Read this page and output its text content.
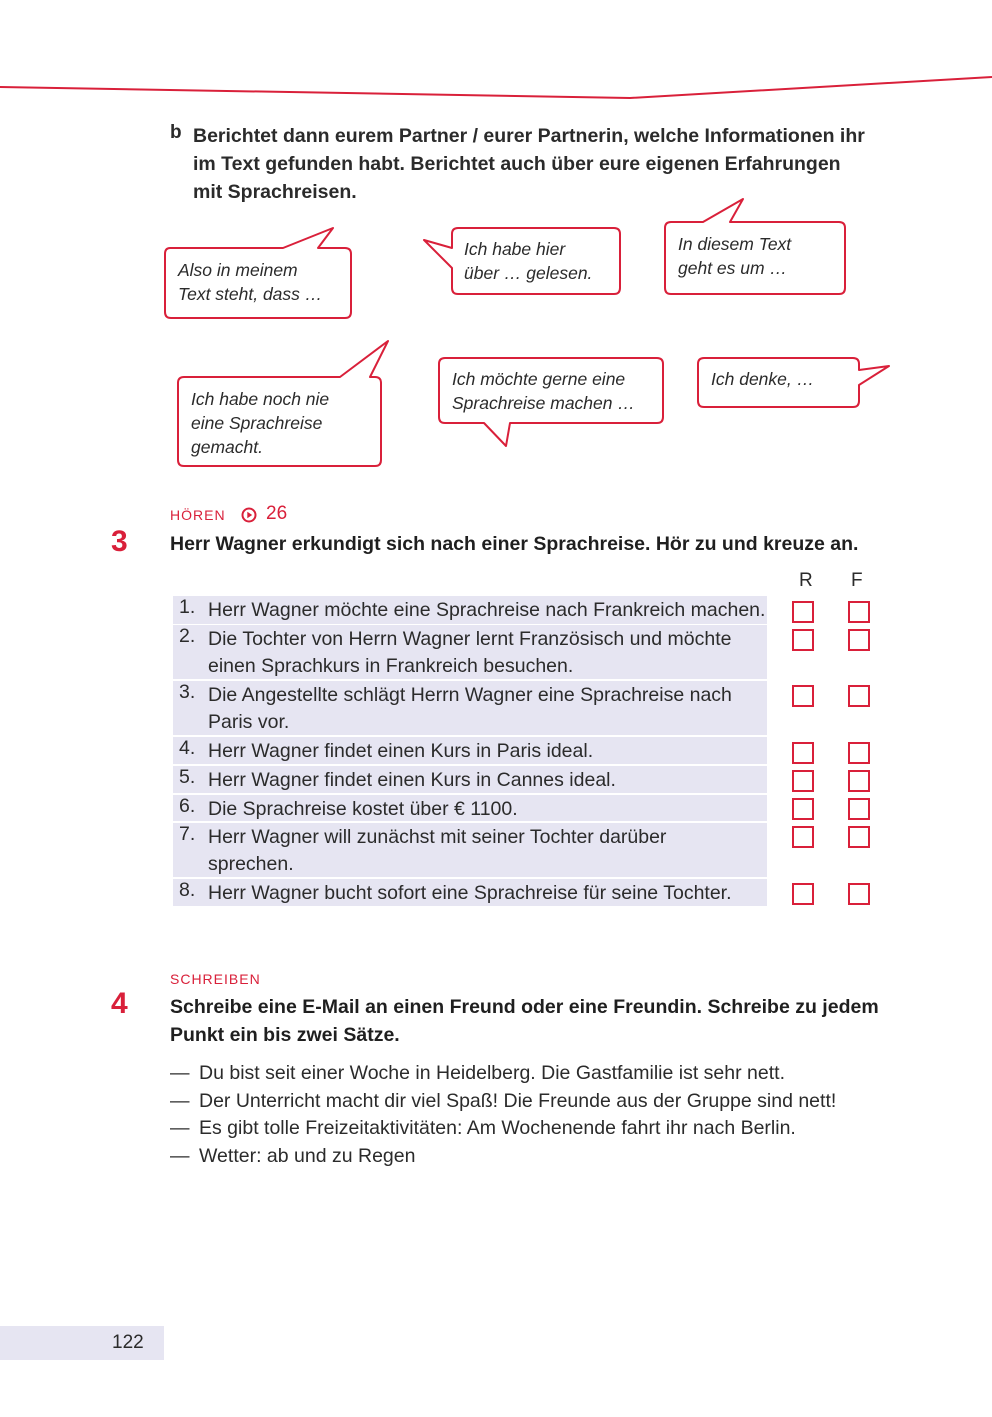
b Berichtet dann eurem Partner / eurer Partnerin, welche Informationen ihr im Text gefunden habt. Berichtet auch über eure eigenen Erfahrungen mit Sprachreisen.
Also in meinem
Text steht, dass …
Ich habe hier
über … gelesen.
In diesem Text
geht es um …
Ich habe noch nie
eine Sprachreise
gemacht.
Ich möchte gerne eine
Sprachreise machen …
Ich denke, …
HÖREN 26
3 Herr Wagner erkundigt sich nach einer Sprachreise. Hör zu und kreuze an.
R F
1. Herr Wagner möchte eine Sprachreise nach Frankreich machen.
2. Die Tochter von Herrn Wagner lernt Französisch und möchte
einen Sprachkurs in Frankreich besuchen.
3. Die Angestellte schlägt Herrn Wagner eine Sprachreise nach
Paris vor.
4. Herr Wagner findet einen Kurs in Paris ideal.
5. Herr Wagner findet einen Kurs in Cannes ideal.
6. Die Sprachreise kostet über € 1100.
7. Herr Wagner will zunächst mit seiner Tochter darüber
sprechen.
8. Herr Wagner bucht sofort eine Sprachreise für seine Tochter.
SCHREIBEN
4 Schreibe eine E-Mail an einen Freund oder eine Freundin. Schreibe zu jedem
Punkt ein bis zwei Sätze.
— Du bist seit einer Woche in Heidelberg. Die Gastfamilie ist sehr nett.
— Der Unterricht macht dir viel Spaß! Die Freunde aus der Gruppe sind nett!
— Es gibt tolle Freizeitaktivitäten: Am Wochenende fahrt ihr nach Berlin.
— Wetter: ab und zu Regen
122
